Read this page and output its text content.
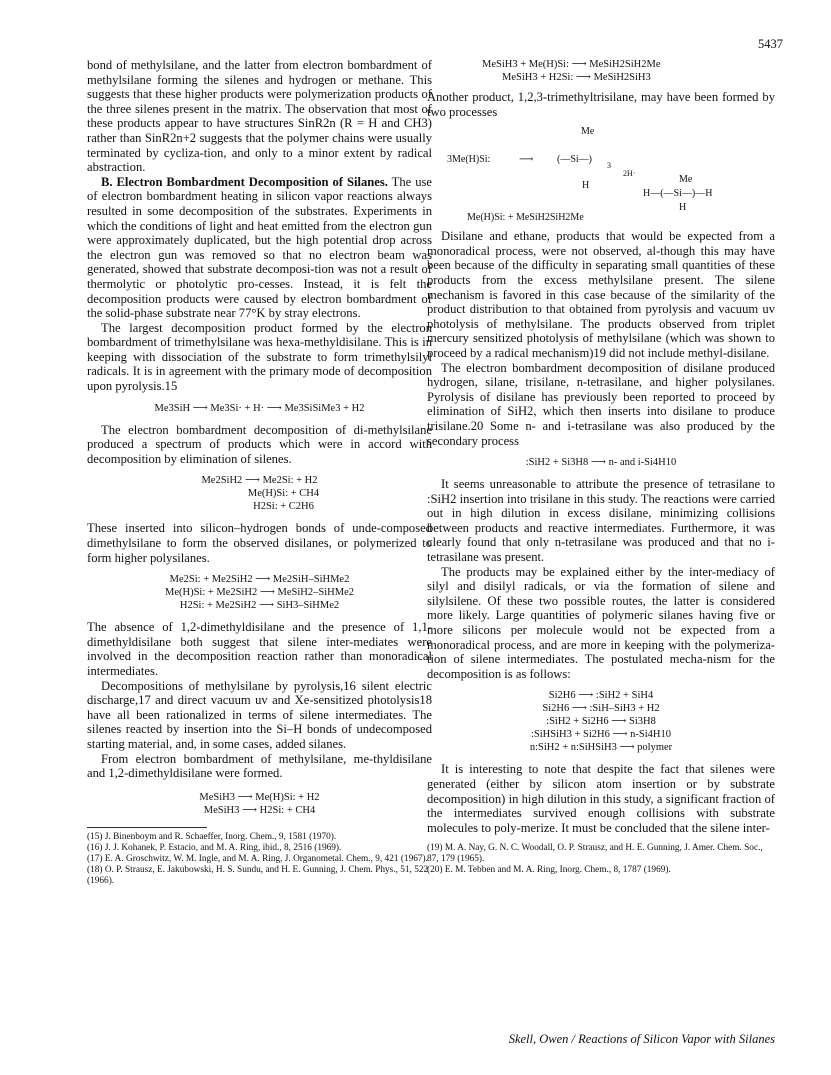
5437

bond of methylsilane, and the latter from electron bombardment of methylsilane forming the silenes and hydrogen or methane. This suggests that these higher products were polymerization products of the three silenes present in the matrix. The observation that most of these products appear to have structures SinR2n (R = H and CH3) rather than SinR2n+2 suggests that the polymer chains were usually terminated by cycliza-tion, and only to a minor extent by radical abstraction.

B. Electron Bombardment Decomposition of Silanes. The use of electron bombardment heating in silicon vapor reactions always resulted in some decomposition of the substrates. Experiments in which the conditions of light and heat emitted from the electron gun were approximately duplicated, but the high potential drop across the electron gun was removed so that no electron beam was generated, showed that substrate decomposi-tion was not a result of thermolytic or photolytic pro-cesses. Instead, it is felt the decomposition products were caused by electron bombardment of the solid-phase substrate near 77°K by stray electrons.

The largest decomposition product formed by the electron bombardment of trimethylsilane was hexa-methyldisilane. This is in keeping with dissociation of the substrate to form trimethylsilyl radicals. It is in agreement with the primary mode of decomposition upon pyrolysis.15

Me3SiH ⟶ Me3Si· + H· ⟶ Me3SiSiMe3 + H2

The electron bombardment decomposition of di-methylsilane produced a spectrum of products which were in accord with decomposition by elimination of silenes.

Me2SiH2 ⟶ Me2Si: + H2
Me(H)Si: + CH4
H2Si: + C2H6

These inserted into silicon–hydrogen bonds of unde-composed dimethylsilane to form the observed disilanes, or polymerized to form higher polysilanes.

Me2Si: + Me2SiH2 ⟶ Me2SiH–SiHMe2
Me(H)Si: + Me2SiH2 ⟶ MeSiH2–SiHMe2
H2Si: + Me2SiH2 ⟶ SiH3–SiHMe2

The absence of 1,2-dimethyldisilane and the presence of 1,1-dimethyldisilane both suggest that silene inter-mediates were involved in the decomposition reaction rather than monoradical intermediates.

Decompositions of methylsilane by pyrolysis,16 silent electric discharge,17 and direct vacuum uv and Xe-sensitized photolysis18 have all been rationalized in terms of silene intermediates. The silenes reacted by insertion into the Si–H bonds of undecomposed starting material, and, in some cases, added silanes.

From electron bombardment of methylsilane, me-thyldisilane and 1,2-dimethyldisilane were formed.

MeSiH3 ⟶ Me(H)Si: + H2
MeSiH3 ⟶ H2Si: + CH4
(15) J. Binenboym and R. Schaeffer, Inorg. Chem., 9, 1581 (1970).
(16) J. J. Kohanek, P. Estacio, and M. A. Ring, ibid., 8, 2516 (1969).
(17) E. A. Groschwitz, W. M. Ingle, and M. A. Ring, J. Organometal. Chem., 9, 421 (1967).
(18) O. P. Strausz, E. Jakubowski, H. S. Sundu, and H. E. Gunning, J. Chem. Phys., 51, 522 (1966).
MeSiH3 + Me(H)Si: ⟶ MeSiH2SiH2Me
MeSiH3 + H2Si: ⟶ MeSiH2SiH3

Another product, 1,2,3-trimethyltrisilane, may have been formed by two processes

3Me(H)Si:	⟶
Me
(—Si—)
3
H
2H·
Me
H—(—Si—)—H
H
Me(H)Si: + MeSiH2SiH2Me

Disilane and ethane, products that would be expected from a monoradical process, were not observed, al-though this may have been because of the difficulty in separating small quantities of these products from the excess methylsilane present. The silene mechanism is favored in this case because of the similarity of the product distribution to that obtained from pyrolysis and vacuum uv photolysis of methylsilane. The products observed from triplet mercury sensitized photolysis of methylsilane (which was shown to proceed by a radical mechanism)19 did not include methyl-disilane.

The electron bombardment decomposition of disilane produced hydrogen, silane, trisilane, n-tetrasilane, and higher polysilanes. Pyrolysis of disilane has previously been reported to proceed by elimination of SiH2, which then inserts into disilane to produce trisilane.20 Some n- and i-tetrasilane was also produced by the secondary process

:SiH2 + Si3H8 ⟶ n- and i-Si4H10

It seems unreasonable to attribute the presence of tetrasilane to :SiH2 insertion into trisilane in this study. The reactions were carried out in high dilution in excess disilane, minimizing collisions between products and reactive intermediates. Furthermore, it was clearly found that only n-tetrasilane was produced and that no i-tetrasilane was present.

The products may be explained either by the inter-mediacy of silyl and disilyl radicals, or via the formation of silene and silylsilene. Of these two possible routes, the latter is considered more likely. Large quantities of polymeric silanes having five or more silicons per molecule would not be expected from a monoradical process, and are more in keeping with the polymeriza-tion of silene intermediates. The postulated mecha-nism for the decomposition is as follows:

Si2H6 ⟶ :SiH2 + SiH4
Si2H6 ⟶ :SiH–SiH3 + H2
:SiH2 + Si2H6 ⟶ Si3H8
:SiHSiH3 + Si2H6 ⟶ n-Si4H10
n:SiH2 + n:SiHSiH3 ⟶ polymer

It is interesting to note that despite the fact that silenes were generated (either by silicon atom insertion or by substrate decomposition) in high dilution in this study, a significant fraction of the intermediates survived enough collisions with substrate molecules to poly-merize. It must be concluded that the silene inter-

(19) M. A. Nay, G. N. C. Woodall, O. P. Strausz, and H. E. Gunning, J. Amer. Chem. Soc., 87, 179 (1965).
(20) E. M. Tebben and M. A. Ring, Inorg. Chem., 8, 1787 (1969).
Skell, Owen / Reactions of Silicon Vapor with Silanes
